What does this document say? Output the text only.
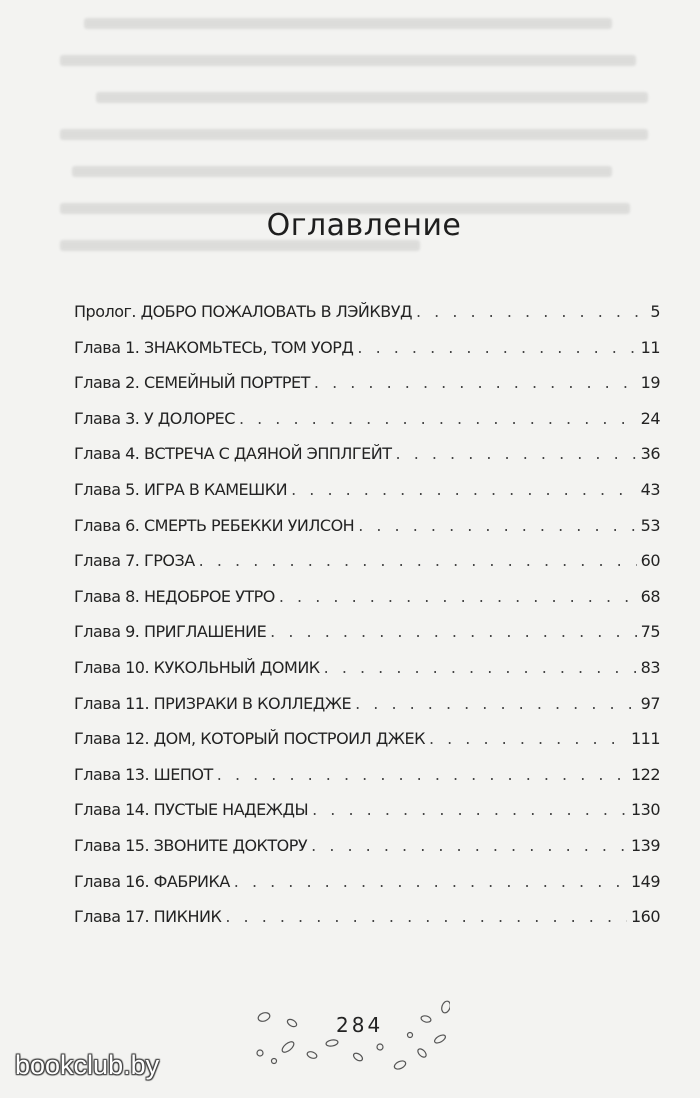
Оглавление
Пролог. ДОБРО ПОЖАЛОВАТЬ В ЛЭЙКВУД . . .	5
Глава 1. ЗНАКОМЬТЕСЬ, ТОМ УОРД . . .	11
Глава 2. СЕМЕЙНЫЙ ПОРТРЕТ . . .	19
Глава 3. У ДОЛОРЕС . . .	24
Глава 4. ВСТРЕЧА С ДАЯНОЙ ЭППЛГЕЙТ . . .	36
Глава 5. ИГРА В КАМЕШКИ . . .	43
Глава 6. СМЕРТЬ РЕБЕККИ УИЛСОН . . .	53
Глава 7. ГРОЗА . . .	60
Глава 8. НЕДОБРОЕ УТРО . . .	68
Глава 9. ПРИГЛАШЕНИЕ . . .	75
Глава 10. КУКОЛЬНЫЙ ДОМИК . . .	83
Глава 11. ПРИЗРАКИ В КОЛЛЕДЖЕ . . .	97
Глава 12. ДОМ, КОТОРЫЙ ПОСТРОИЛ ДЖЕК . . .	111
Глава 13. ШЕПОТ . . .	122
Глава 14. ПУСТЫЕ НАДЕЖДЫ . . .	130
Глава 15. ЗВОНИТЕ ДОКТОРУ . . .	139
Глава 16. ФАБРИКА . . .	149
Глава 17. ПИКНИК . . .	160
284
bookclub.by
